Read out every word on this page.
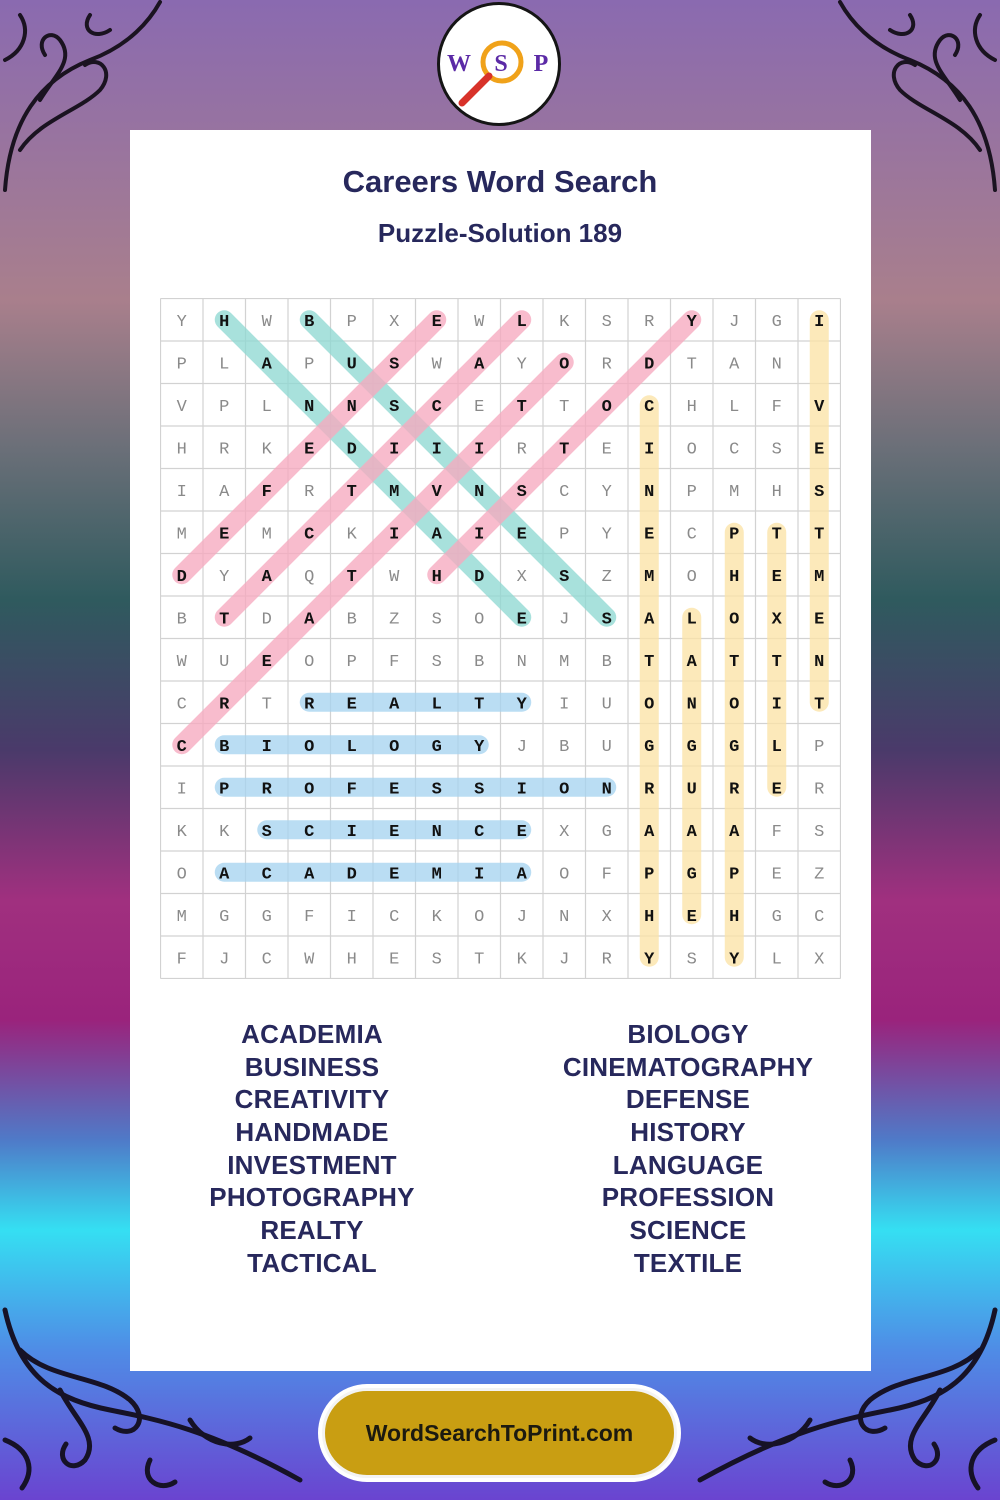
W S P
Careers Word Search
Puzzle-Solution 189
Y H W B P X E W L K S R Y J G I
P L A P U S W A Y O R D T A N
V P L N N S C E T T O C H L F V
H R K E D I I I R T E I O C S E
I A F R T M V N S C Y N P M H S
M E M C K I A I E P Y E C P T T
D Y A Q T W H D X S Z M O H E M
B T D A B Z S O E J S A L O X E
W U E O P F S B N M B T A T T N
C R T R E A L T Y I U O N O I T
C B I O L O G Y J B U G G G L P
I P R O F E S S I O N R U R E R
K K S C I E N C E X G A A A F S
O A C A D E M I A O F P G P E Z
M G G F I C K O J N X H E H G C
F J C W H E S T K J R Y S Y L X
ACADEMIA
BUSINESS
CREATIVITY
HANDMADE
INVESTMENT
PHOTOGRAPHY
REALTY
TACTICAL
BIOLOGY
CINEMATOGRAPHY
DEFENSE
HISTORY
LANGUAGE
PROFESSION
SCIENCE
TEXTILE
WordSearchToPrint.com
